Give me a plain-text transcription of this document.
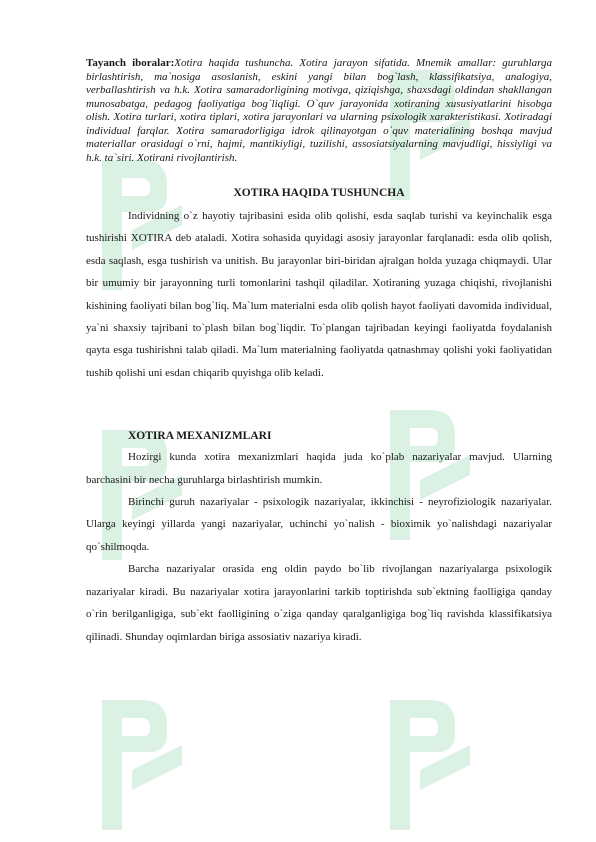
Tayanch iboralar:Xotira haqida tushuncha. Xotira jarayon sifatida. Mnemik amallar: guruhlarga birlashtirish, ma`nosiga asoslanish, eskini yangi bilan bog`lash, klassifikatsiya, analogiya, verballashtirish va h.k. Xotira samaradorligining motivga, qiziqishga, shaxsdagi oldindan shakllangan munosabatga, pedagog faoliyatiga bog`liqligi. O`quv jarayonida xotiraning xususiyatlarini hisobga olish. Xotira turlari, xotira tiplari, xotira jarayonlari va ularning psixologik xarakteristikasi. Xotiradagi individual farqlar. Xotira samaradorligiga idrok qilinayotgan o`quv materialining boshqa mavjud materiallar orasidagi o`rni, hajmi, mantikiyligi, tuzilishi, assosiatsiyalarning mavjudligi, hissiyligi va h.k. ta`siri. Xotirani rivojlantirish.

XOTIRA HAQIDA TUSHUNCHA

Individning o`z hayotiy tajribasini esida olib qolishi, esda saqlab turishi va keyinchalik esga tushirishi XOTIRA deb ataladi. Xotira sohasida quyidagi asosiy jarayonlar farqlanadi: esda olib qolish, esda saqlash, esga tushirish va unitish. Bu jarayonlar biri-biridan ajralgan holda yuzaga chiqmaydi. Ular bir umumiy bir jarayonning turli tomonlarini tashqil qiladilar. Xotiraning yuzaga chiqishi, rivojlanishi kishining faoliyati bilan bog`liq. Ma`lum materialni esda olib qolish hayot faoliyati davomida individual, ya`ni shaxsiy tajribani to`plash bilan bog`liqdir. To`plangan tajribadan keyingi faoliyatda foydalanish qayta esga tushirishni talab qiladi. Ma`lum materialning faoliyatda qatnashmay qolishi yoki faoliyatidan tushib qolishi uni esdan chiqarib quyishga olib keladi.

XOTIRA MEXANIZMLARI

Hozirgi kunda xotira mexanizmlari haqida juda ko`plab nazariyalar mavjud. Ularning barchasini bir necha guruhlarga birlashtirish mumkin.

Birinchi guruh nazariyalar - psixologik nazariyalar, ikkinchisi - neyrofiziologik nazariyalar. Ularga keyingi yillarda yangi nazariyalar, uchinchi yo`nalish - bioximik yo`nalishdagi nazariyalar qo`shilmoqda.

Barcha nazariyalar orasida eng oldin paydo bo`lib rivojlangan nazariyalarga psixologik nazariyalar kiradi. Bu nazariyalar xotira jarayonlarini tarkib toptirishda sub`ektning faolligiga qanday o`rin berilganligiga, sub`ekt faolligining o`ziga qanday qaralganligiga bog`liq ravishda klassifikatsiya qilinadi. Shunday oqimlardan biriga assosiativ nazariya kiradi.
